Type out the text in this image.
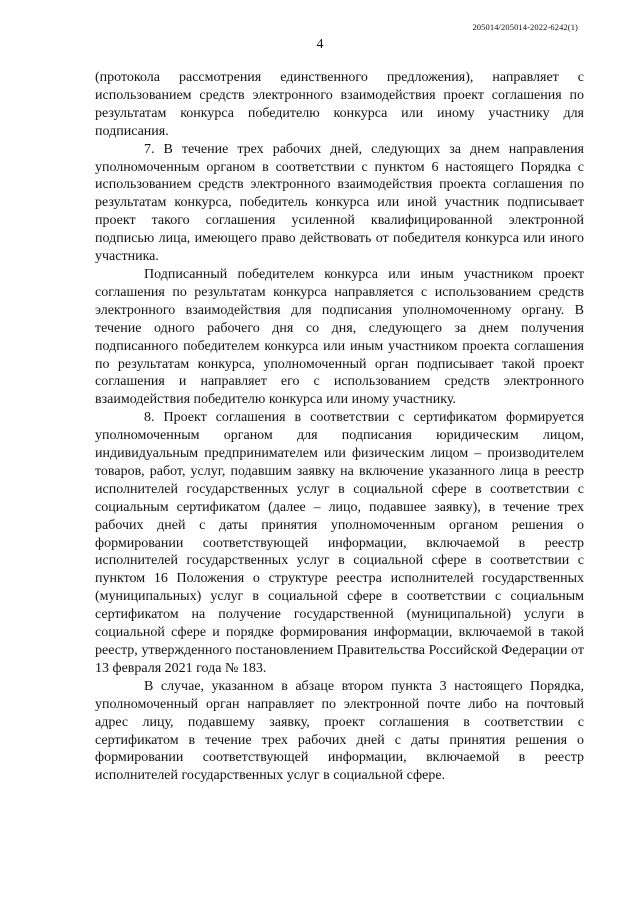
205014/205014-2022-6242(1)
4

(протокола рассмотрения единственного предложения), направляет с использованием средств электронного взаимодействия проект соглашения по результатам конкурса победителю конкурса или иному участнику для подписания.

7. В течение трех рабочих дней, следующих за днем направления уполномоченным органом в соответствии с пунктом 6 настоящего Порядка с использованием средств электронного взаимодействия проекта соглашения по результатам конкурса, победитель конкурса или иной участник подписывает проект такого соглашения усиленной квалифицированной электронной подписью лица, имеющего право действовать от победителя конкурса или иного участника.

Подписанный победителем конкурса или иным участником проект соглашения по результатам конкурса направляется с использованием средств электронного взаимодействия для подписания уполномоченному органу. В течение одного рабочего дня со дня, следующего за днем получения подписанного победителем конкурса или иным участником проекта соглашения по результатам конкурса, уполномоченный орган подписывает такой проект соглашения и направляет его с использованием средств электронного взаимодействия победителю конкурса или иному участнику.

8. Проект соглашения в соответствии с сертификатом формируется уполномоченным органом для подписания юридическим лицом, индивидуальным предпринимателем или физическим лицом – производителем товаров, работ, услуг, подавшим заявку на включение указанного лица в реестр исполнителей государственных услуг в социальной сфере в соответствии с социальным сертификатом (далее – лицо, подавшее заявку), в течение трех рабочих дней с даты принятия уполномоченным органом решения о формировании соответствующей информации, включаемой в реестр исполнителей государственных услуг в социальной сфере в соответствии с пунктом 16 Положения о структуре реестра исполнителей государственных (муниципальных) услуг в социальной сфере в соответствии с социальным сертификатом на получение государственной (муниципальной) услуги в социальной сфере и порядке формирования информации, включаемой в такой реестр, утвержденного постановлением Правительства Российской Федерации от 13 февраля 2021 года № 183.

В случае, указанном в абзаце втором пункта 3 настоящего Порядка, уполномоченный орган направляет по электронной почте либо на почтовый адрес лицу, подавшему заявку, проект соглашения в соответствии с сертификатом в течение трех рабочих дней с даты принятия решения о формировании соответствующей информации, включаемой в реестр исполнителей государственных услуг в социальной сфере.
